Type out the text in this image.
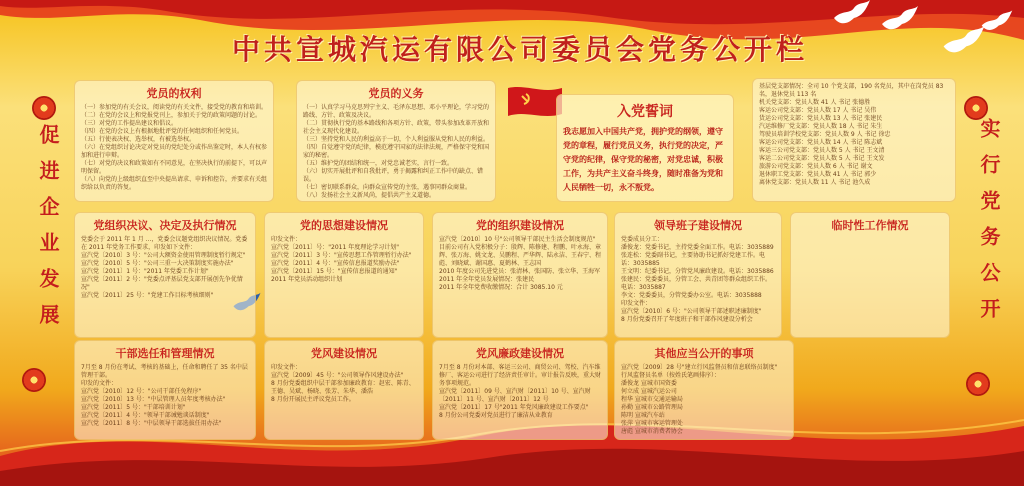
中共宣城汽运有限公司委员会党务公开栏
促进企业发展	实行党务公开
党员的权利
（一）参加党的有关会议，阅读党的有关文件，接受党的教育和培训。
（二）在党的会议上和党报党刊上，参加关于党的政策问题的讨论。
（三）对党的工作提出建议和倡议。
（四）在党的会议上有根据地批评党的任何组织和任何党员。
（五）行使表决权、选举权，有被选举权。
（六）在党组织讨论决定对党员的党纪处分或作出鉴定时，本人有权参加和进行申辩。
（七）对党的决议和政策如有不同意见，在坚决执行的前提下，可以声明保留。
（八）向党的上级组织直至中央提出请求、申诉和控告，并要求有关组织给以负责的答复。
党员的义务
（一）认真学习马克思列宁主义、毛泽东思想、邓小平理论，学习党的路线、方针、政策及决议。
（二）贯彻执行党的基本路线和各项方针、政策，带头参加改革开放和社会主义现代化建设。
（三）坚持党和人民的利益高于一切，个人利益服从党和人民的利益。
（四）自觉遵守党的纪律，模范遵守国家的法律法规，严格保守党和国家的秘密。
（五）维护党的团结和统一，对党忠诚老实，言行一致。
（六）切实开展批评和自我批评，勇于揭露和纠正工作中的缺点、错误。
（七）密切联系群众，向群众宣传党的主张，遇事同群众商量。
（八）发扬社会主义新风尚，提倡共产主义道德。
入党誓词
我志愿加入中国共产党，拥护党的纲领，遵守党的章程，履行党员义务，执行党的决定，严守党的纪律，保守党的秘密，对党忠诚，积极工作，为共产主义奋斗终身，随时准备为党和人民牺牲一切，永不叛党。
基层党支部情况：全司 10 个党支部，190 名党员，其中在岗党员 83 名，退休党员 113 名
机关党支部：党员人数 41 人 书记 张德胜
客运公司党支部：党员人数 17 人 书记 吴伟
货运公司党支部：党员人数 13 人 书记 张建民
汽运维修厂党支部：党员人数 18 人 书记 朱生
驾驶员培训学校党支部：党员人数 9 人 书记 徐忠
客运公司党支部：党员人数 14 人 书记 陈志斌
客运三公司党支部：党员人数 5 人 书记 王文清
客运二公司党支部：党员人数 5 人 书记 王文发
旅游公司党支部：党员人数 6 人 书记 谢文
退休职工党支部：党员人数 41 人 书记 郭少
离休党支部：党员人数 11 人 书记 池久成
党组织决议、决定及执行情况
党委会于 2011 年 1 月 ...，党委会议题党组织决议情况。党委在 2011 年党务工作要求，印发如下文件：
宣汽党〔2010〕3 号："公司大额资金使用管理制度暂行规定"
宣汽党〔2010〕5 号："公司三重一大决策制度实施办法"
宣汽党〔2011〕1 号："2011 年党委工作计划"
宣汽党〔2011〕2 号："党委点评基层党支部开展创先争优情况"
宣汽党〔2011〕25 号："党建工作目标考核细则"
党的思想建设情况
印发文件：
宣汽党〔2011〕号："2011 年度理论学习计划"
宣汽党〔2011〕3 号："宣传思想工作管理暂行办法"
宣汽党〔2011〕4 号："宣传信息报道奖励办法"
宣汽党〔2011〕15 号："宣传信息报道的通知"
2011 年党员活动组织计划
党的组织建设情况
宣汽党〔2010〕10 号"公司领导干部民主生活会制度规范"
目前公司有入党积极分子：殷辉、陈修建、程鹏、叶永海、章辉、张万海、姚文龙、吴鹏程、严华辉、陆永洁、王春宁、程彪、刘晓斌、谢国惠、夏鹤林、王志国
2010 年度公司先进党员：张清林、张国防、张立华、王海军
2011 年全年党员发展情况：张建民
2011 年全年党费收缴情况：合计 3085.10 元
领导班子建设情况
党委成员分工：
潘俊龙：党委书记，主持党委全面工作。电话：3035889
张连松：党委副书记，主要协助书记抓好党建工作。电话：3035885
王文明：纪委书记，分管党风廉政建设。电话：3035886
张建民：党委委员，分管工会、共青团等群众组织工作。电话：3035887
李文：党委委员，分管党委办公室。电话：3035888
印发文件：
宣汽党〔2010〕6 号："公司领导干部述职述廉制度"
8 月份党委召开了年度班子和干部作风建设分析会
临时性工作情况
干部选任和管理情况
7月至 8 月份在考试、考核的基础上，任命和聘任了 35 名中层管理干部。
印发的文件：
宣汽党〔2010〕12 号："公司干部任免程序"
宣汽党〔2010〕13 号："中层管理人员年度考核办法"
宣汽党〔2011〕5 号："干部培训计划"
宣汽党〔2011〕4 号："领导干部诫勉谈话制度"
宣汽党〔2011〕8 号："中层领导干部选拔任用办法"
党风建设情况
印发文件：
宣汽党〔2009〕45 号："公司领导作风建设办法"
8 月份党委组织中层干部参加廉政教育：赵宏、陈青、王德、吴斌、杨晓、张芳、朱华、潘浩
8 月份开展民主评议党员工作。
党风廉政建设情况
7月至 8 月份对本部、客运三公司、商贸公司、驾校、汽车维修厂、客运公司进行了经济责任审计。审计报告反映，重大财务事项规范。
宣汽党〔2011〕09 号、宣汽财〔2011〕10 号、宣汽财〔2011〕11 号、宣汽财〔2011〕12 号
宣汽党〔2011〕17 号"2011 年党风廉政建设工作要点"
8 月份公司党委对党员进行了廉洁从业教育
其他应当公开的事项
宣汽党〔2009〕28 号"建立行风监督员和信息联络员制度"
行风监督员名单（按姓氏笔画排序）：
潘俊龙 宣城市国资委
何立成 宣城汽运公司
程华 宣城市交通运输局
孙勤 宣城市公路管理局
陈明 宣城汽车站
张萍 宣城市客运管理处
唐彪 宣城市消费者协会
